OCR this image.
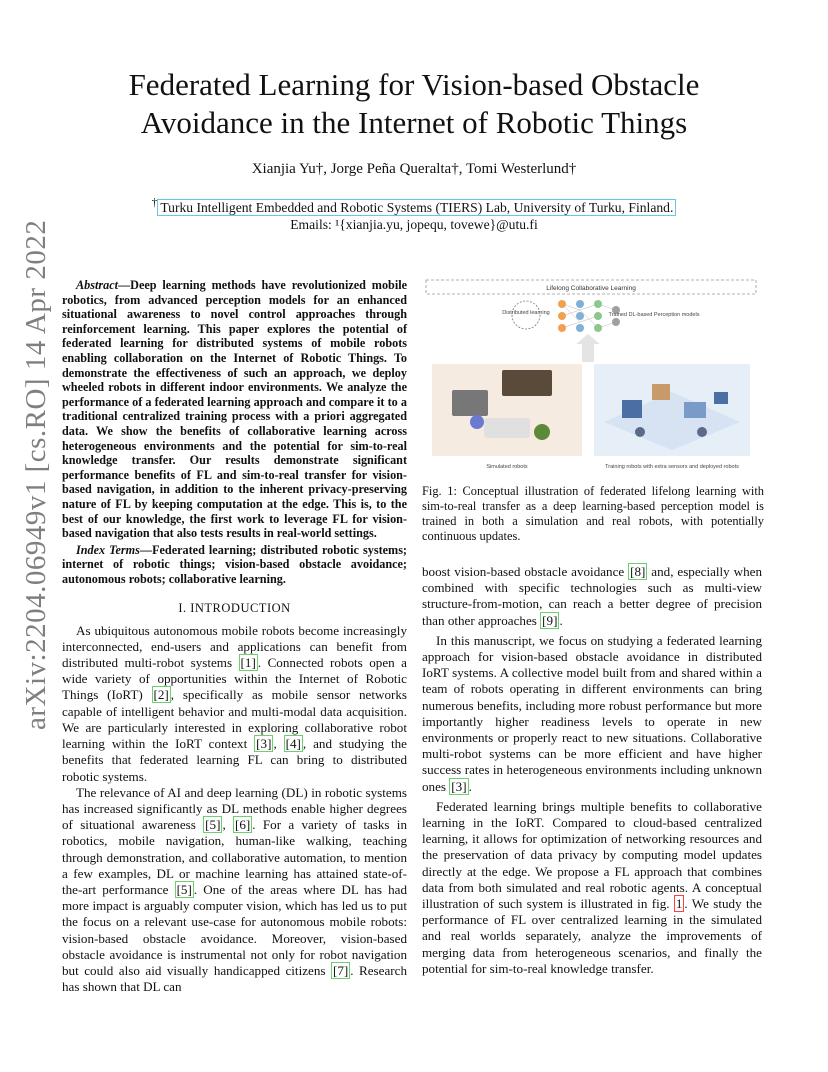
arXiv:2204.06949v1 [cs.RO] 14 Apr 2022
Federated Learning for Vision-based Obstacle
Avoidance in the Internet of Robotic Things
Xianjia Yu†, Jorge Peña Queralta†, Tomi Westerlund†
† Turku Intelligent Embedded and Robotic Systems (TIERS) Lab, University of Turku, Finland.
Emails: ¹{xianjia.yu, jopequ, tovewe}@utu.fi

Abstract—Deep learning methods have revolutionized mobile robotics, from advanced perception models for an enhanced situational awareness to novel control approaches through reinforcement learning. This paper explores the potential of federated learning for distributed systems of mobile robots enabling collaboration on the Internet of Robotic Things. To demonstrate the effectiveness of such an approach, we deploy wheeled robots in different indoor environments. We analyze the performance of a federated learning approach and compare it to a traditional centralized training process with a priori aggregated data. We show the benefits of collaborative learning across heterogeneous environments and the potential for sim-to-real knowledge transfer. Our results demonstrate significant performance benefits of FL and sim-to-real transfer for vision-based navigation, in addition to the inherent privacy-preserving nature of FL by keeping computation at the edge. This is, to the best of our knowledge, the first work to leverage FL for vision-based navigation that also tests results in real-world settings.

Index Terms—Federated learning; distributed robotic systems; internet of robotic things; vision-based obstacle avoidance; autonomous robots; collaborative learning.

I. INTRODUCTION

As ubiquitous autonomous mobile robots become increasingly interconnected, end-users and applications can benefit from distributed multi-robot systems [1] . Connected robots open a wide variety of opportunities within the Internet of Robotic Things (IoRT) [2] , specifically as mobile sensor networks capable of intelligent behavior and multi-modal data acquisition. We are particularly interested in exploring collaborative robot learning within the IoRT context [3] , [4] , and studying the benefits that federated learning FL can bring to distributed robotic systems.

The relevance of AI and deep learning (DL) in robotic systems has increased significantly as DL methods enable higher degrees of situational awareness [5] , [6] . For a variety of tasks in robotics, mobile navigation, human-like walking, teaching through demonstration, and collaborative automation, to mention a few examples, DL or machine learning has attained state-of-the-art performance [5] . One of the areas where DL has had more impact is arguably computer vision, which has led us to put the focus on a relevant use-case for autonomous mobile robots: vision-based obstacle avoidance. Moreover, vision-based obstacle avoidance is instrumental not only for robot navigation but could also aid visually handicapped citizens [7] . Research has shown that DL can

Lifelong Collaborative Learning
Distributed learning	Trained DL-based Perception models
Simulated robots	Training robots with extra sensors and deployed robots
Fig. 1: Conceptual illustration of federated lifelong learning with sim-to-real transfer as a deep learning-based perception model is trained in both a simulation and real robots, with potentially continuous updates.

boost vision-based obstacle avoidance [8] and, especially when combined with specific technologies such as multi-view structure-from-motion, can reach a better degree of precision than other approaches [9] .

In this manuscript, we focus on studying a federated learning approach for vision-based obstacle avoidance in distributed IoRT systems. A collective model built from and shared within a team of robots operating in different environments can bring numerous benefits, including more robust performance but more importantly higher readiness levels to operate in new environments or properly react to new situations. Collaborative multi-robot systems can be more efficient and have higher success rates in heterogeneous environments including unknown ones [3] .

Federated learning brings multiple benefits to collaborative learning in the IoRT. Compared to cloud-based centralized learning, it allows for optimization of networking resources and the preservation of data privacy by computing model updates directly at the edge. We propose a FL approach that combines data from both simulated and real robotic agents. A conceptual illustration of such system is illustrated in fig. 1 . We study the performance of FL over centralized learning in the simulated and real worlds separately, analyze the improvements of merging data from heterogeneous scenarios, and finally the potential for sim-to-real knowledge transfer.
